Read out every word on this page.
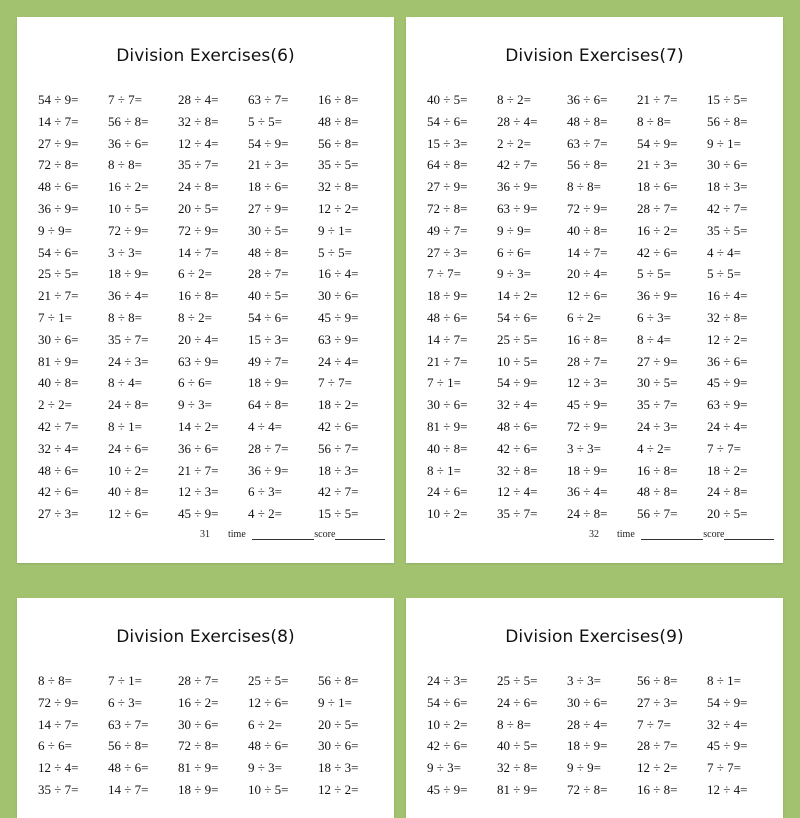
Division Exercises(6)
54 ÷ 9=	7 ÷ 7=	28 ÷ 4=	63 ÷ 7=	16 ÷ 8=
14 ÷ 7=	56 ÷ 8=	32 ÷ 8=	5 ÷ 5=	48 ÷ 8=
27 ÷ 9=	36 ÷ 6=	12 ÷ 4=	54 ÷ 9=	56 ÷ 8=
72 ÷ 8=	8 ÷ 8=	35 ÷ 7=	21 ÷ 3=	35 ÷ 5=
48 ÷ 6=	16 ÷ 2=	24 ÷ 8=	18 ÷ 6=	32 ÷ 8=
36 ÷ 9=	10 ÷ 5=	20 ÷ 5=	27 ÷ 9=	12 ÷ 2=
9 ÷ 9=	72 ÷ 9=	72 ÷ 9=	30 ÷ 5=	9 ÷ 1=
54 ÷ 6=	3 ÷ 3=	14 ÷ 7=	48 ÷ 8=	5 ÷ 5=
25 ÷ 5=	18 ÷ 9=	6 ÷ 2=	28 ÷ 7=	16 ÷ 4=
21 ÷ 7=	36 ÷ 4=	16 ÷ 8=	40 ÷ 5=	30 ÷ 6=
7 ÷ 1=	8 ÷ 8=	8 ÷ 2=	54 ÷ 6=	45 ÷ 9=
30 ÷ 6=	35 ÷ 7=	20 ÷ 4=	15 ÷ 3=	63 ÷ 9=
81 ÷ 9=	24 ÷ 3=	63 ÷ 9=	49 ÷ 7=	24 ÷ 4=
40 ÷ 8=	8 ÷ 4=	6 ÷ 6=	18 ÷ 9=	7 ÷ 7=
2 ÷ 2=	24 ÷ 8=	9 ÷ 3=	64 ÷ 8=	18 ÷ 2=
42 ÷ 7=	8 ÷ 1=	14 ÷ 2=	4 ÷ 4=	42 ÷ 6=
32 ÷ 4=	24 ÷ 6=	36 ÷ 6=	28 ÷ 7=	56 ÷ 7=
48 ÷ 6=	10 ÷ 2=	21 ÷ 7=	36 ÷ 9=	18 ÷ 3=
42 ÷ 6=	40 ÷ 8=	12 ÷ 3=	6 ÷ 3=	42 ÷ 7=
27 ÷ 3=	12 ÷ 6=	45 ÷ 9=	4 ÷ 2=	15 ÷ 5=
31 time	score
Division Exercises(7)
40 ÷ 5=	8 ÷ 2=	36 ÷ 6=	21 ÷ 7=	15 ÷ 5=
54 ÷ 6=	28 ÷ 4=	48 ÷ 8=	8 ÷ 8=	56 ÷ 8=
15 ÷ 3=	2 ÷ 2=	63 ÷ 7=	54 ÷ 9=	9 ÷ 1=
64 ÷ 8=	42 ÷ 7=	56 ÷ 8=	21 ÷ 3=	30 ÷ 6=
27 ÷ 9=	36 ÷ 9=	8 ÷ 8=	18 ÷ 6=	18 ÷ 3=
72 ÷ 8=	63 ÷ 9=	72 ÷ 9=	28 ÷ 7=	42 ÷ 7=
49 ÷ 7=	9 ÷ 9=	40 ÷ 8=	16 ÷ 2=	35 ÷ 5=
27 ÷ 3=	6 ÷ 6=	14 ÷ 7=	42 ÷ 6=	4 ÷ 4=
7 ÷ 7=	9 ÷ 3=	20 ÷ 4=	5 ÷ 5=	5 ÷ 5=
18 ÷ 9=	14 ÷ 2=	12 ÷ 6=	36 ÷ 9=	16 ÷ 4=
48 ÷ 6=	54 ÷ 6=	6 ÷ 2=	6 ÷ 3=	32 ÷ 8=
14 ÷ 7=	25 ÷ 5=	16 ÷ 8=	8 ÷ 4=	12 ÷ 2=
21 ÷ 7=	10 ÷ 5=	28 ÷ 7=	27 ÷ 9=	36 ÷ 6=
7 ÷ 1=	54 ÷ 9=	12 ÷ 3=	30 ÷ 5=	45 ÷ 9=
30 ÷ 6=	32 ÷ 4=	45 ÷ 9=	35 ÷ 7=	63 ÷ 9=
81 ÷ 9=	48 ÷ 6=	72 ÷ 9=	24 ÷ 3=	24 ÷ 4=
40 ÷ 8=	42 ÷ 6=	3 ÷ 3=	4 ÷ 2=	7 ÷ 7=
8 ÷ 1=	32 ÷ 8=	18 ÷ 9=	16 ÷ 8=	18 ÷ 2=
24 ÷ 6=	12 ÷ 4=	36 ÷ 4=	48 ÷ 8=	24 ÷ 8=
10 ÷ 2=	35 ÷ 7=	24 ÷ 8=	56 ÷ 7=	20 ÷ 5=
32 time	score
Division Exercises(8)
8 ÷ 8=	7 ÷ 1=	28 ÷ 7=	25 ÷ 5=	56 ÷ 8=
72 ÷ 9=	6 ÷ 3=	16 ÷ 2=	12 ÷ 6=	9 ÷ 1=
14 ÷ 7=	63 ÷ 7=	30 ÷ 6=	6 ÷ 2=	20 ÷ 5=
6 ÷ 6=	56 ÷ 8=	72 ÷ 8=	48 ÷ 6=	30 ÷ 6=
12 ÷ 4=	48 ÷ 6=	81 ÷ 9=	9 ÷ 3=	18 ÷ 3=
35 ÷ 7=	14 ÷ 7=	18 ÷ 9=	10 ÷ 5=	12 ÷ 2=
Division Exercises(9)
24 ÷ 3=	25 ÷ 5=	3 ÷ 3=	56 ÷ 8=	8 ÷ 1=
54 ÷ 6=	24 ÷ 6=	30 ÷ 6=	27 ÷ 3=	54 ÷ 9=
10 ÷ 2=	8 ÷ 8=	28 ÷ 4=	7 ÷ 7=	32 ÷ 4=
42 ÷ 6=	40 ÷ 5=	18 ÷ 9=	28 ÷ 7=	45 ÷ 9=
9 ÷ 3=	32 ÷ 8=	9 ÷ 9=	12 ÷ 2=	7 ÷ 7=
45 ÷ 9=	81 ÷ 9=	72 ÷ 8=	16 ÷ 8=	12 ÷ 4=
